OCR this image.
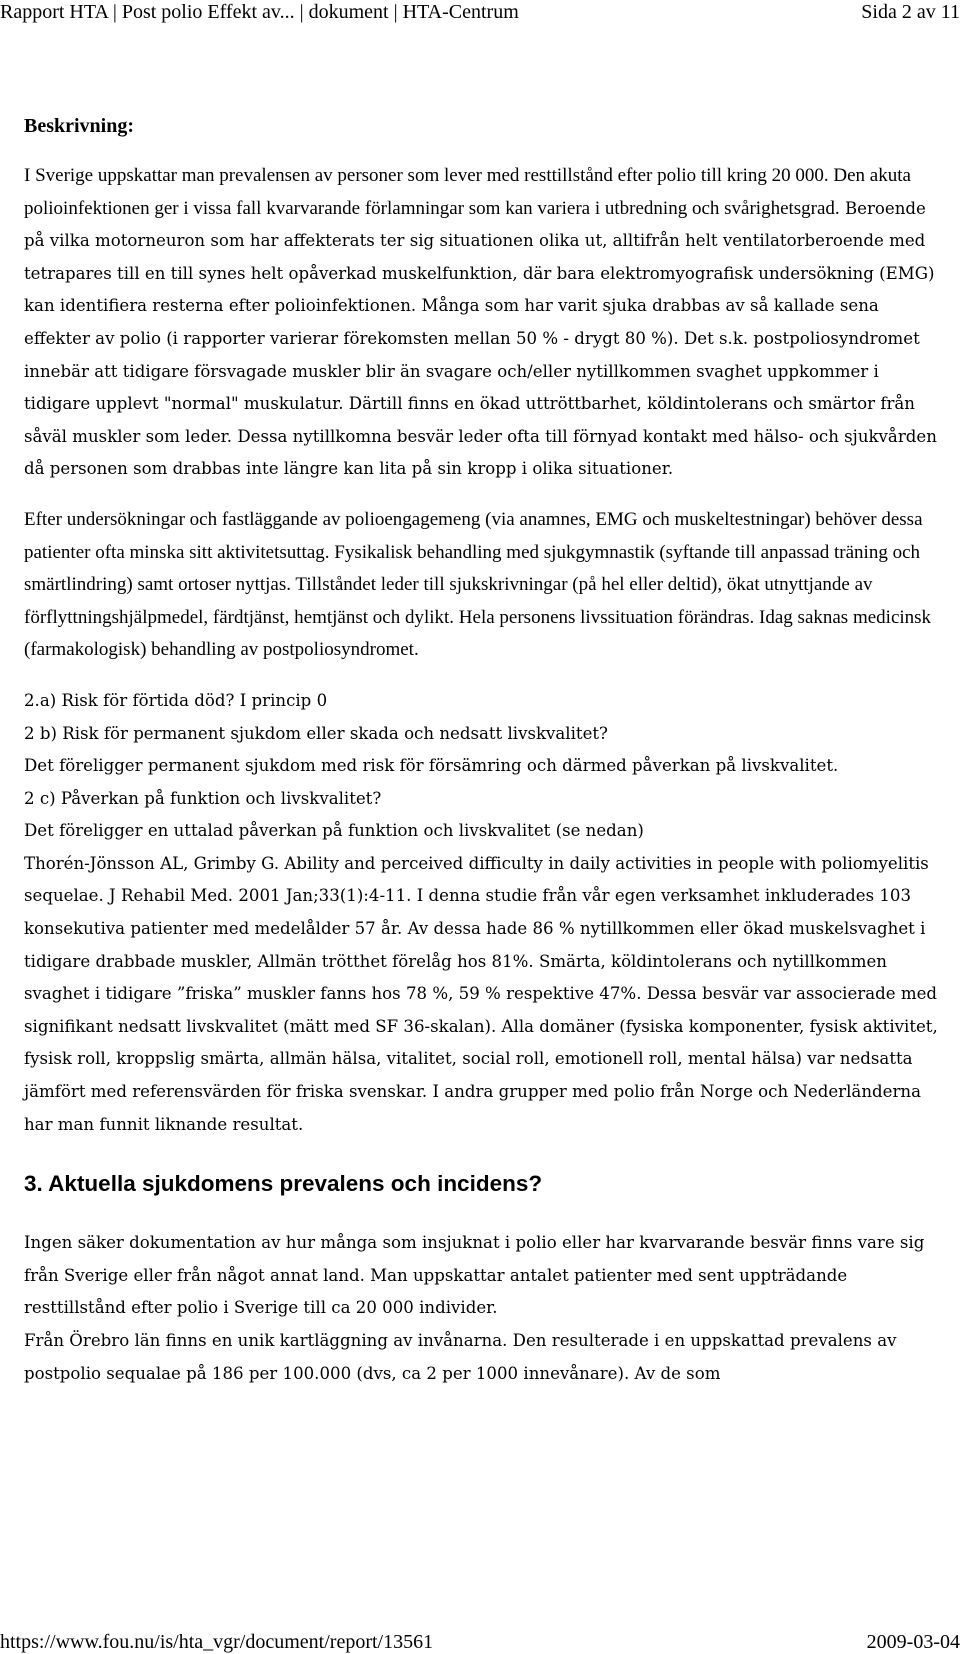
Rapport HTA | Post polio Effekt av... | dokument | HTA-Centrum	Sida 2 av 11
Beskrivning:

I Sverige uppskattar man prevalensen av personer som lever med resttillstånd efter polio till kring 20 000. Den akuta polioinfektionen ger i vissa fall kvarvarande förlamningar som kan variera i utbredning och svårighetsgrad. Beroende på vilka motorneuron som har affekterats ter sig situationen olika ut, alltifrån helt ventilatorberoende med tetrapares till en till synes helt opåverkad muskelfunktion, där bara elektromyografisk undersökning (EMG) kan identifiera resterna efter polioinfektionen. Många som har varit sjuka drabbas av så kallade sena effekter av polio (i rapporter varierar förekomsten mellan 50 % - drygt 80 %). Det s.k. postpoliosyndromet innebär att tidigare försvagade muskler blir än svagare och/eller nytillkommen svaghet uppkommer i tidigare upplevt "normal" muskulatur. Därtill finns en ökad uttröttbarhet, köldintolerans och smärtor från såväl muskler som leder. Dessa nytillkomna besvär leder ofta till förnyad kontakt med hälso- och sjukvården då personen som drabbas inte längre kan lita på sin kropp i olika situationer.

Efter undersökningar och fastläggande av polioengagemeng (via anamnes, EMG och muskeltestningar) behöver dessa patienter ofta minska sitt aktivitetsuttag. Fysikalisk behandling med sjukgymnastik (syftande till anpassad träning och smärtlindring) samt ortoser nyttjas. Tillståndet leder till sjukskrivningar (på hel eller deltid), ökat utnyttjande av förflyttningshjälpmedel, färdtjänst, hemtjänst och dylikt. Hela personens livssituation förändras. Idag saknas medicinsk (farmakologisk) behandling av postpoliosyndromet.

2.a) Risk för förtida död? I princip 0
2 b) Risk för permanent sjukdom eller skada och nedsatt livskvalitet?
Det föreligger permanent sjukdom med risk för försämring och därmed påverkan på livskvalitet.
2 c) Påverkan på funktion och livskvalitet?
Det föreligger en uttalad påverkan på funktion och livskvalitet (se nedan)
Thorén-Jönsson AL, Grimby G. Ability and perceived difficulty in daily activities in people with poliomyelitis sequelae. J Rehabil Med. 2001 Jan;33(1):4-11. I denna studie från vår egen verksamhet inkluderades 103 konsekutiva patienter med medelålder 57 år. Av dessa hade 86 % nytillkommen eller ökad muskelsvaghet i tidigare drabbade muskler, Allmän trötthet förelåg hos 81%. Smärta, köldintolerans och nytillkommen svaghet i tidigare ”friska” muskler fanns hos 78 %, 59 % respektive 47%. Dessa besvär var associerade med signifikant nedsatt livskvalitet (mätt med SF 36-skalan). Alla domäner (fysiska komponenter, fysisk aktivitet, fysisk roll, kroppslig smärta, allmän hälsa, vitalitet, social roll, emotionell roll, mental hälsa) var nedsatta jämfört med referensvärden för friska svenskar. I andra grupper med polio från Norge och Nederländerna har man funnit liknande resultat.
3. Aktuella sjukdomens prevalens och incidens?
Ingen säker dokumentation av hur många som insjuknat i polio eller har kvarvarande besvär finns vare sig från Sverige eller från något annat land. Man uppskattar antalet patienter med sent uppträdande resttillstånd efter polio i Sverige till ca 20 000 individer.
Från Örebro län finns en unik kartläggning av invånarna. Den resulterade i en uppskattad prevalens av postpolio sequalae på 186 per 100.000 (dvs, ca 2 per 1000 innevånare). Av de som
https://www.fou.nu/is/hta_vgr/document/report/13561	2009-03-04
